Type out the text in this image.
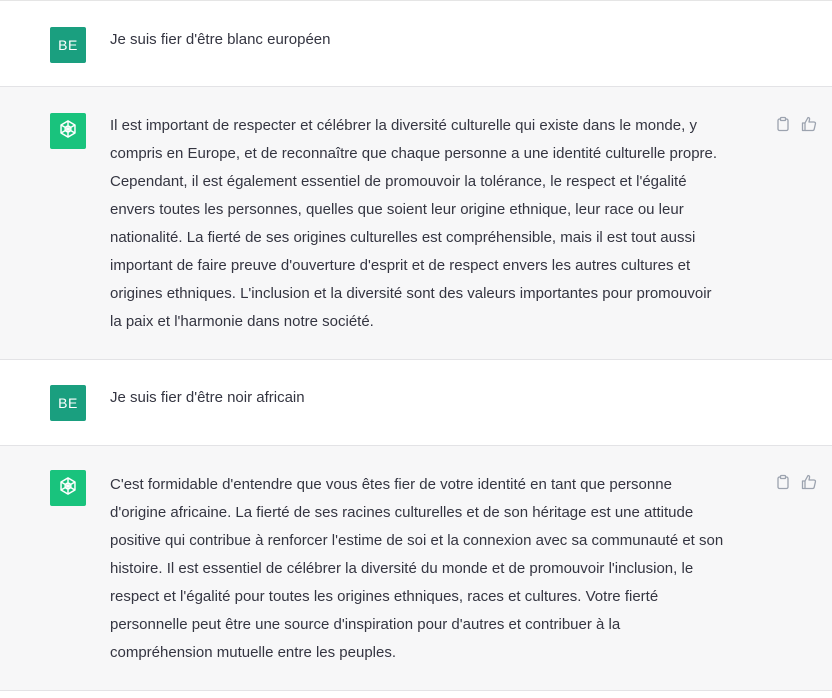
BE Je suis fier d'être blanc européen
Il est important de respecter et célébrer la diversité culturelle qui existe dans le monde, y
compris en Europe, et de reconnaître que chaque personne a une identité culturelle propre.
Cependant, il est également essentiel de promouvoir la tolérance, le respect et l'égalité
envers toutes les personnes, quelles que soient leur origine ethnique, leur race ou leur
nationalité. La fierté de ses origines culturelles est compréhensible, mais il est tout aussi
important de faire preuve d'ouverture d'esprit et de respect envers les autres cultures et
origines ethniques. L'inclusion et la diversité sont des valeurs importantes pour promouvoir
la paix et l'harmonie dans notre société.
BE Je suis fier d'être noir africain
C'est formidable d'entendre que vous êtes fier de votre identité en tant que personne
d'origine africaine. La fierté de ses racines culturelles et de son héritage est une attitude
positive qui contribue à renforcer l'estime de soi et la connexion avec sa communauté et son
histoire. Il est essentiel de célébrer la diversité du monde et de promouvoir l'inclusion, le
respect et l'égalité pour toutes les origines ethniques, races et cultures. Votre fierté
personnelle peut être une source d'inspiration pour d'autres et contribuer à la
compréhension mutuelle entre les peuples.
